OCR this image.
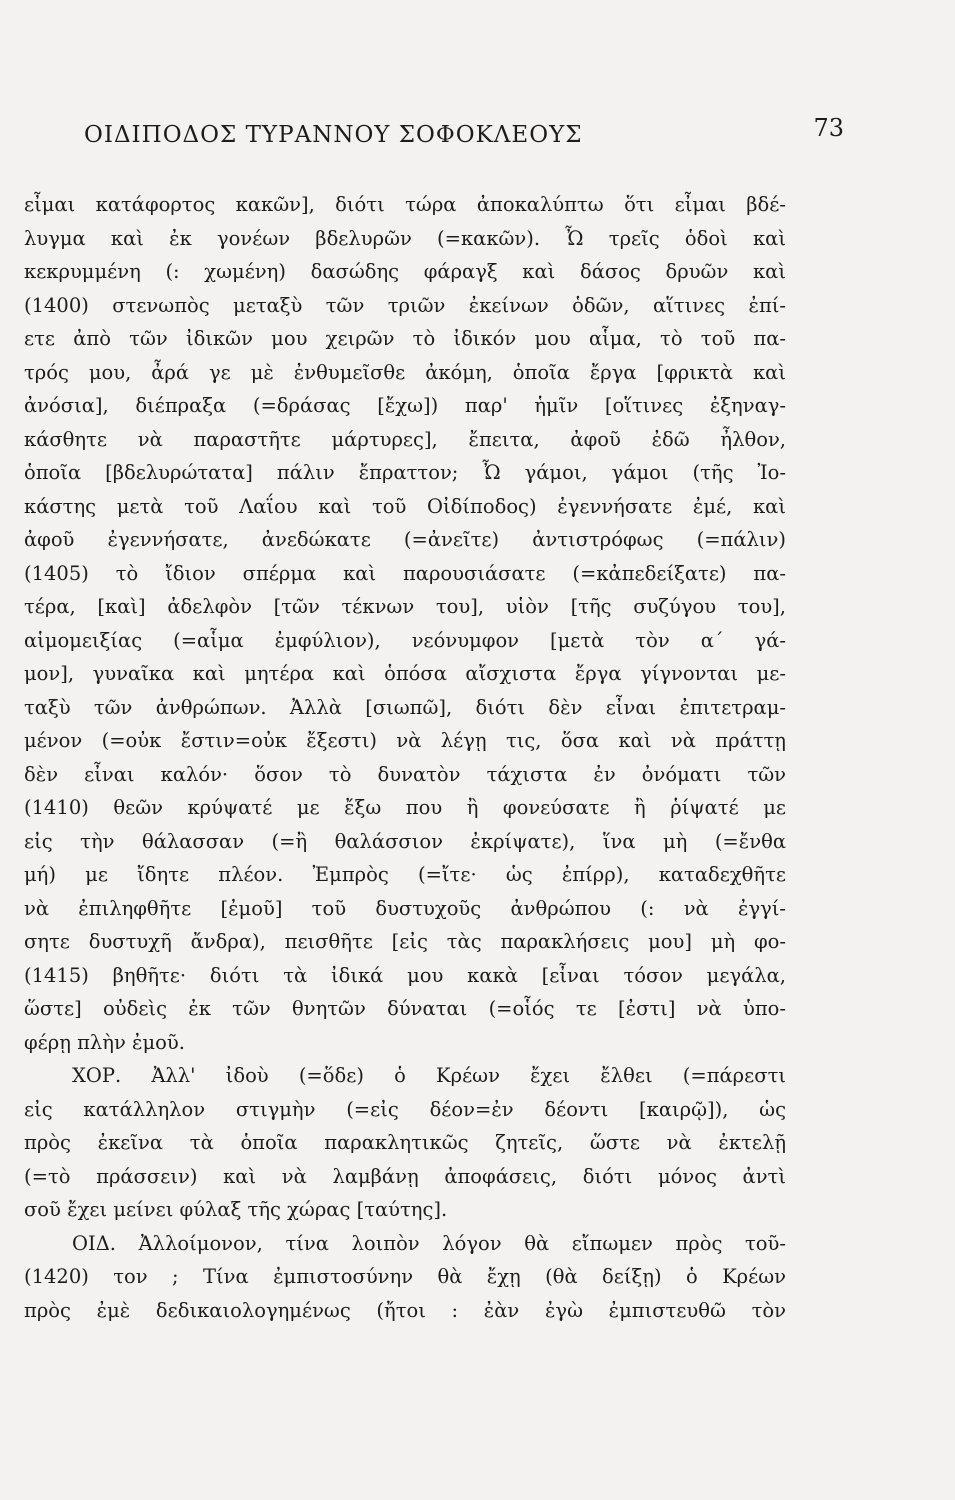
ΟΙΔΙΠΟΔΟΣ ΤΥΡΑΝΝΟΥ ΣΟΦΟΚΛΕΟΥΣ	73
εἶμαι κατάφορτος κακῶν], διότι τώρα ἀποκαλύπτω ὅτι εἶμαι βδέ-
λυγμα καὶ ἐκ γονέων βδελυρῶν (=κακῶν). Ὦ τρεῖς ὁδοὶ καὶ
κεκρυμμένη (: χωμένη) δασώδης φάραγξ καὶ δάσος δρυῶν καὶ
(1400) στενωπὸς μεταξὺ τῶν τριῶν ἐκείνων ὁδῶν, αἵτινες ἐπί-
ετε ἀπὸ τῶν ἰδικῶν μου χειρῶν τὸ ἰδικόν μου αἷμα, τὸ τοῦ πα-
τρός μου, ἆρά γε μὲ ἐνθυμεῖσθε ἀκόμη, ὁποῖα ἔργα [φρικτὰ καὶ
ἀνόσια], διέπραξα (=δράσας [ἔχω]) παρ' ἡμῖν [οἵτινες ἐξηναγ-
κάσθητε νὰ παραστῆτε μάρτυρες], ἔπειτα, ἀφοῦ ἐδῶ ἦλθον,
ὁποῖα [βδελυρώτατα] πάλιν ἔπραττον; Ὦ γάμοι, γάμοι (τῆς Ἰο-
κάστης μετὰ τοῦ Λαΐου καὶ τοῦ Οἰδίποδος) ἐγεννήσατε ἐμέ, καὶ
ἀφοῦ ἐγεννήσατε, ἀνεδώκατε (=ἀνεῖτε) ἀντιστρόφως (=πάλιν)
(1405) τὸ ἴδιον σπέρμα καὶ παρουσιάσατε (=κἀπεδείξατε) πα-
τέρα, [καὶ] ἀδελφὸν [τῶν τέκνων του], υἱὸν [τῆς συζύγου του],
αἱμομειξίας (=αἷμα ἐμφύλιον), νεόνυμφον [μετὰ τὸν α΄ γά-
μον], γυναῖκα καὶ μητέρα καὶ ὁπόσα αἴσχιστα ἔργα γίγνονται με-
ταξὺ τῶν ἀνθρώπων. Ἀλλὰ [σιωπῶ], διότι δὲν εἶναι ἐπιτετραμ-
μένον (=οὐκ ἔστιν=οὐκ ἔξεστι) νὰ λέγῃ τις, ὅσα καὶ νὰ πράττῃ
δὲν εἶναι καλόν· ὅσον τὸ δυνατὸν τάχιστα ἐν ὀνόματι τῶν
(1410) θεῶν κρύψατέ με ἔξω που ἢ φονεύσατε ἢ ῥίψατέ με
εἰς τὴν θάλασσαν (=ἢ θαλάσσιον ἐκρίψατε), ἵνα μὴ (=ἔνθα
μή) με ἴδητε πλέον. Ἐμπρὸς (=ἴτε· ὡς ἐπίρρ), καταδεχθῆτε
νὰ ἐπιληφθῆτε [ἐμοῦ] τοῦ δυστυχοῦς ἀνθρώπου (: νὰ ἐγγί-
σητε δυστυχῆ ἄνδρα), πεισθῆτε [εἰς τὰς παρακλήσεις μου] μὴ φο-
(1415) βηθῆτε· διότι τὰ ἰδικά μου κακὰ [εἶναι τόσον μεγάλα,
ὥστε] οὐδεὶς ἐκ τῶν θνητῶν δύναται (=οἷός τε [ἐστι] νὰ ὑπο-
φέρῃ πλὴν ἐμοῦ.
ΧΟΡ. Ἀλλ' ἰδοὺ (=ὅδε) ὁ Κρέων ἔχει ἔλθει (=πάρεστι
εἰς κατάλληλον στιγμὴν (=εἰς δέον=ἐν δέοντι [καιρῷ]), ὡς
πρὸς ἐκεῖνα τὰ ὁποῖα παρακλητικῶς ζητεῖς, ὥστε νὰ ἐκτελῇ
(=τὸ πράσσειν) καὶ νὰ λαμβάνῃ ἀποφάσεις, διότι μόνος ἀντὶ
σοῦ ἔχει μείνει φύλαξ τῆς χώρας [ταύτης].
ΟΙΔ. Ἀλλοίμονον, τίνα λοιπὸν λόγον θὰ εἴπωμεν πρὸς τοῦ-
(1420) τον ; Τίνα ἐμπιστοσύνην θὰ ἔχῃ (θὰ δείξῃ) ὁ Κρέων
πρὸς ἐμὲ δεδικαιολογημένως (ἤτοι : ἐὰν ἐγὼ ἐμπιστευθῶ τὸν
